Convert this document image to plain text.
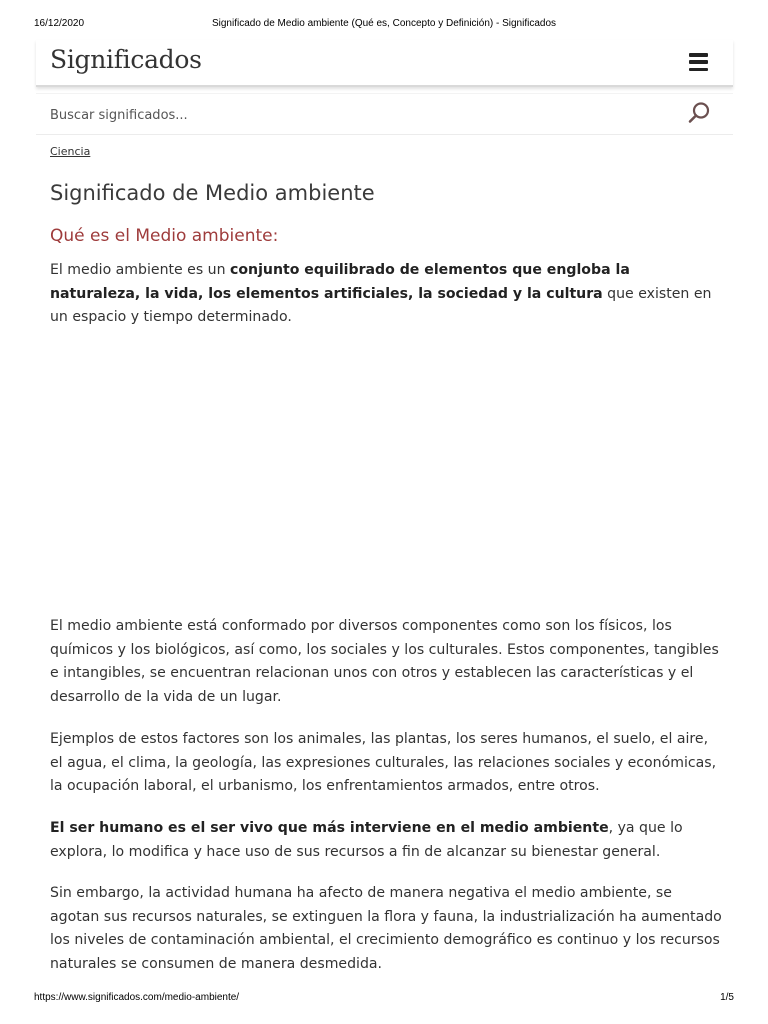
16/12/2020	Significado de Medio ambiente (Qué es, Concepto y Definición) - Significados
Significados
Buscar significados...
Ciencia
Significado de Medio ambiente
Qué es el Medio ambiente:

El medio ambiente es un conjunto equilibrado de elementos que engloba la naturaleza, la vida, los elementos artificiales, la sociedad y la cultura que existen en un espacio y tiempo determinado.

El medio ambiente está conformado por diversos componentes como son los físicos, los químicos y los biológicos, así como, los sociales y los culturales. Estos componentes, tangibles e intangibles, se encuentran relacionan unos con otros y establecen las características y el desarrollo de la vida de un lugar.

Ejemplos de estos factores son los animales, las plantas, los seres humanos, el suelo, el aire, el agua, el clima, la geología, las expresiones culturales, las relaciones sociales y económicas, la ocupación laboral, el urbanismo, los enfrentamientos armados, entre otros.

El ser humano es el ser vivo que más interviene en el medio ambiente, ya que lo explora, lo modifica y hace uso de sus recursos a fin de alcanzar su bienestar general.

Sin embargo, la actividad humana ha afecto de manera negativa el medio ambiente, se agotan sus recursos naturales, se extinguen la flora y fauna, la industrialización ha aumentado los niveles de contaminación ambiental, el crecimiento demográfico es continuo y los recursos naturales se consumen de manera desmedida.

https://www.significados.com/medio-ambiente/	1/5
